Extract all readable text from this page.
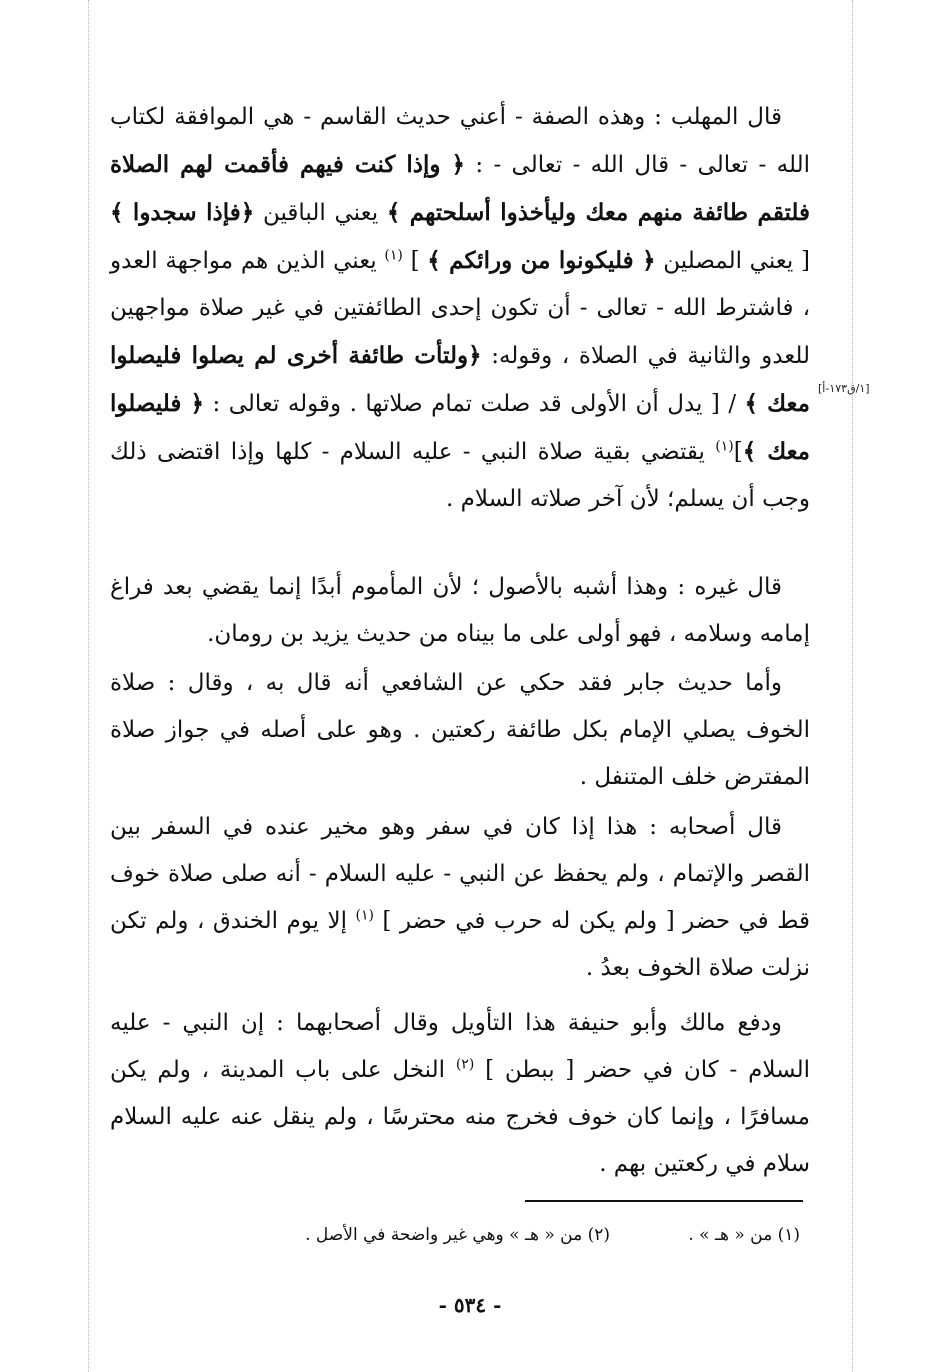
قال المهلب : وهذه الصفة - أعني حديث القاسم - هي الموافقة لكتاب الله - تعالى - قال الله - تعالى - : ﴿ وإذا كنت فيهم فأقمت لهم الصلاة فلتقم طائفة منهم معك وليأخذوا أسلحتهم ﴾ يعني الباقين ﴿فإذا سجدوا ﴾ [ يعني المصلين ﴿ فليكونوا من ورائكم ﴾ ] $^{(١)}$ يعني الذين هم مواجهة العدو ، فاشترط الله - تعالى - أن تكون إحدى الطائفتين في غير صلاة مواجهين للعدو والثانية في الصلاة ، وقوله: ﴿ولتأت طائفة أخرى لم يصلوا فليصلوا معك ﴾ / [ يدل أن الأولى قد صلت تمام صلاتها . وقوله تعالى : ﴿ فليصلوا معك ﴾]$^{(١)}$ يقتضي بقية صلاة النبي - عليه السلام - كلها وإذا اقتضى ذلك وجب أن يسلم؛ لأن آخر صلاته السلام .

[١/ق١٧٣-أ]

قال غيره : وهذا أشبه بالأصول ؛ لأن المأموم أبدًا إنما يقضي بعد فراغ إمامه وسلامه ، فهو أولى على ما بيناه من حديث يزيد بن رومان.

وأما حديث جابر فقد حكي عن الشافعي أنه قال به ، وقال : صلاة الخوف يصلي الإمام بكل طائفة ركعتين . وهو على أصله في جواز صلاة المفترض خلف المتنفل .

قال أصحابه : هذا إذا كان في سفر وهو مخير عنده في السفر بين القصر والإتمام ، ولم يحفظ عن النبي - عليه السلام - أنه صلى صلاة خوف قط في حضر [ ولم يكن له حرب في حضر ] $^{(١)}$ إلا يوم الخندق ، ولم تكن نزلت صلاة الخوف بعدُ .

ودفع مالك وأبو حنيفة هذا التأويل وقال أصحابهما : إن النبي - عليه السلام - كان في حضر [ ببطن ] $^{(٢)}$ النخل على باب المدينة ، ولم يكن مسافرًا ، وإنما كان خوف فخرج منه محترسًا ، ولم ينقل عنه عليه السلام سلام في ركعتين بهم .

(١) من « هـ » .
(٢) من « هـ » وهي غير واضحة في الأصل .
- ٥٣٤ -
